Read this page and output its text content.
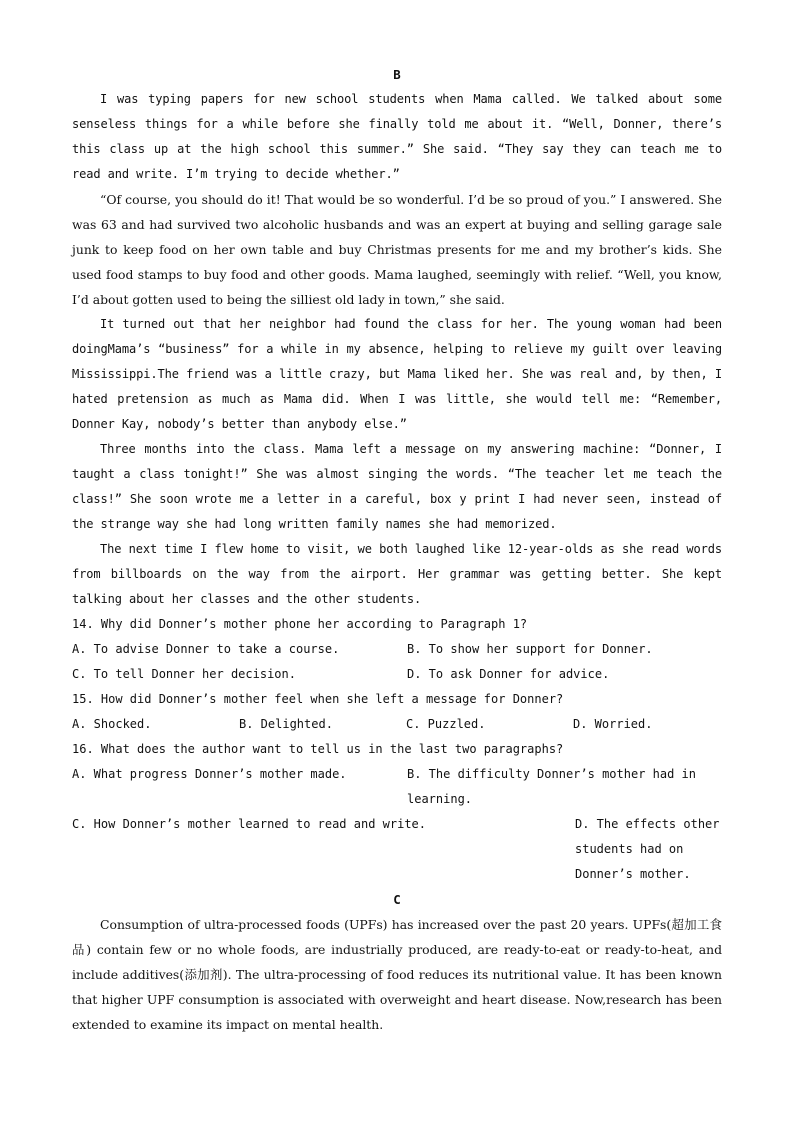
B

I was typing papers for new school students when Mama called. We talked about some senseless things for a while before she finally told me about it. “Well, Donner, there’s this class up at the high school this summer.” She said. “They say they can teach me to read and write. I’m trying to decide whether.”

“Of course, you should do it! That would be so wonderful. I’d be so proud of you.” I answered. She was 63 and had survived two alcoholic husbands and was an expert at buying and selling garage sale junk to keep food on her own table and buy Christmas presents for me and my brother’s kids. She used food stamps to buy food and other goods. Mama laughed, seemingly with relief. “Well, you know, I’d about gotten used to being the silliest old lady in town,” she said.

It turned out that her neighbor had found the class for her. The young woman had been doingMama’s “business” for a while in my absence, helping to relieve my guilt over leaving Mississippi.The friend was a little crazy, but Mama liked her. She was real and, by then, I hated pretension as much as Mama did. When I was little, she would tell me: “Remember, Donner Kay, nobody’s better than anybody else.”

Three months into the class. Mama left a message on my answering machine: “Donner, I taught a class tonight!” She was almost singing the words. “The teacher let me teach the class!” She soon wrote me a letter in a careful, box y print I had never seen, instead of the strange way she had long written family names she had memorized.

The next time I flew home to visit, we both laughed like 12-year-olds as she read words from billboards on the way from the airport. Her grammar was getting better. She kept talking about her classes and the other students.

14. Why did Donner’s mother phone her according to Paragraph 1?

A. To advise Donner to take a course.	B. To show her support for Donner.
C. To tell Donner her decision.	D. To ask Donner for advice.

15. How did Donner’s mother feel when she left a message for Donner?

A. Shocked.	B. Delighted.	C. Puzzled.	D. Worried.

16. What does the author want to tell us in the last two paragraphs?

A. What progress Donner’s mother made.	B. The difficulty Donner’s mother had in learning.
C. How Donner’s mother learned to read and write.	D. The effects other students had on Donner’s mother.
C

Consumption of ultra-processed foods (UPFs) has increased over the past 20 years. UPFs(超加工食品) contain few or no whole foods, are industrially produced, are ready-to-eat or ready-to-heat, and include additives(添加剂). The ultra-processing of food reduces its nutritional value. It has been known that higher UPF consumption is associated with overweight and heart disease. Now,research has been extended to examine its impact on mental health.
